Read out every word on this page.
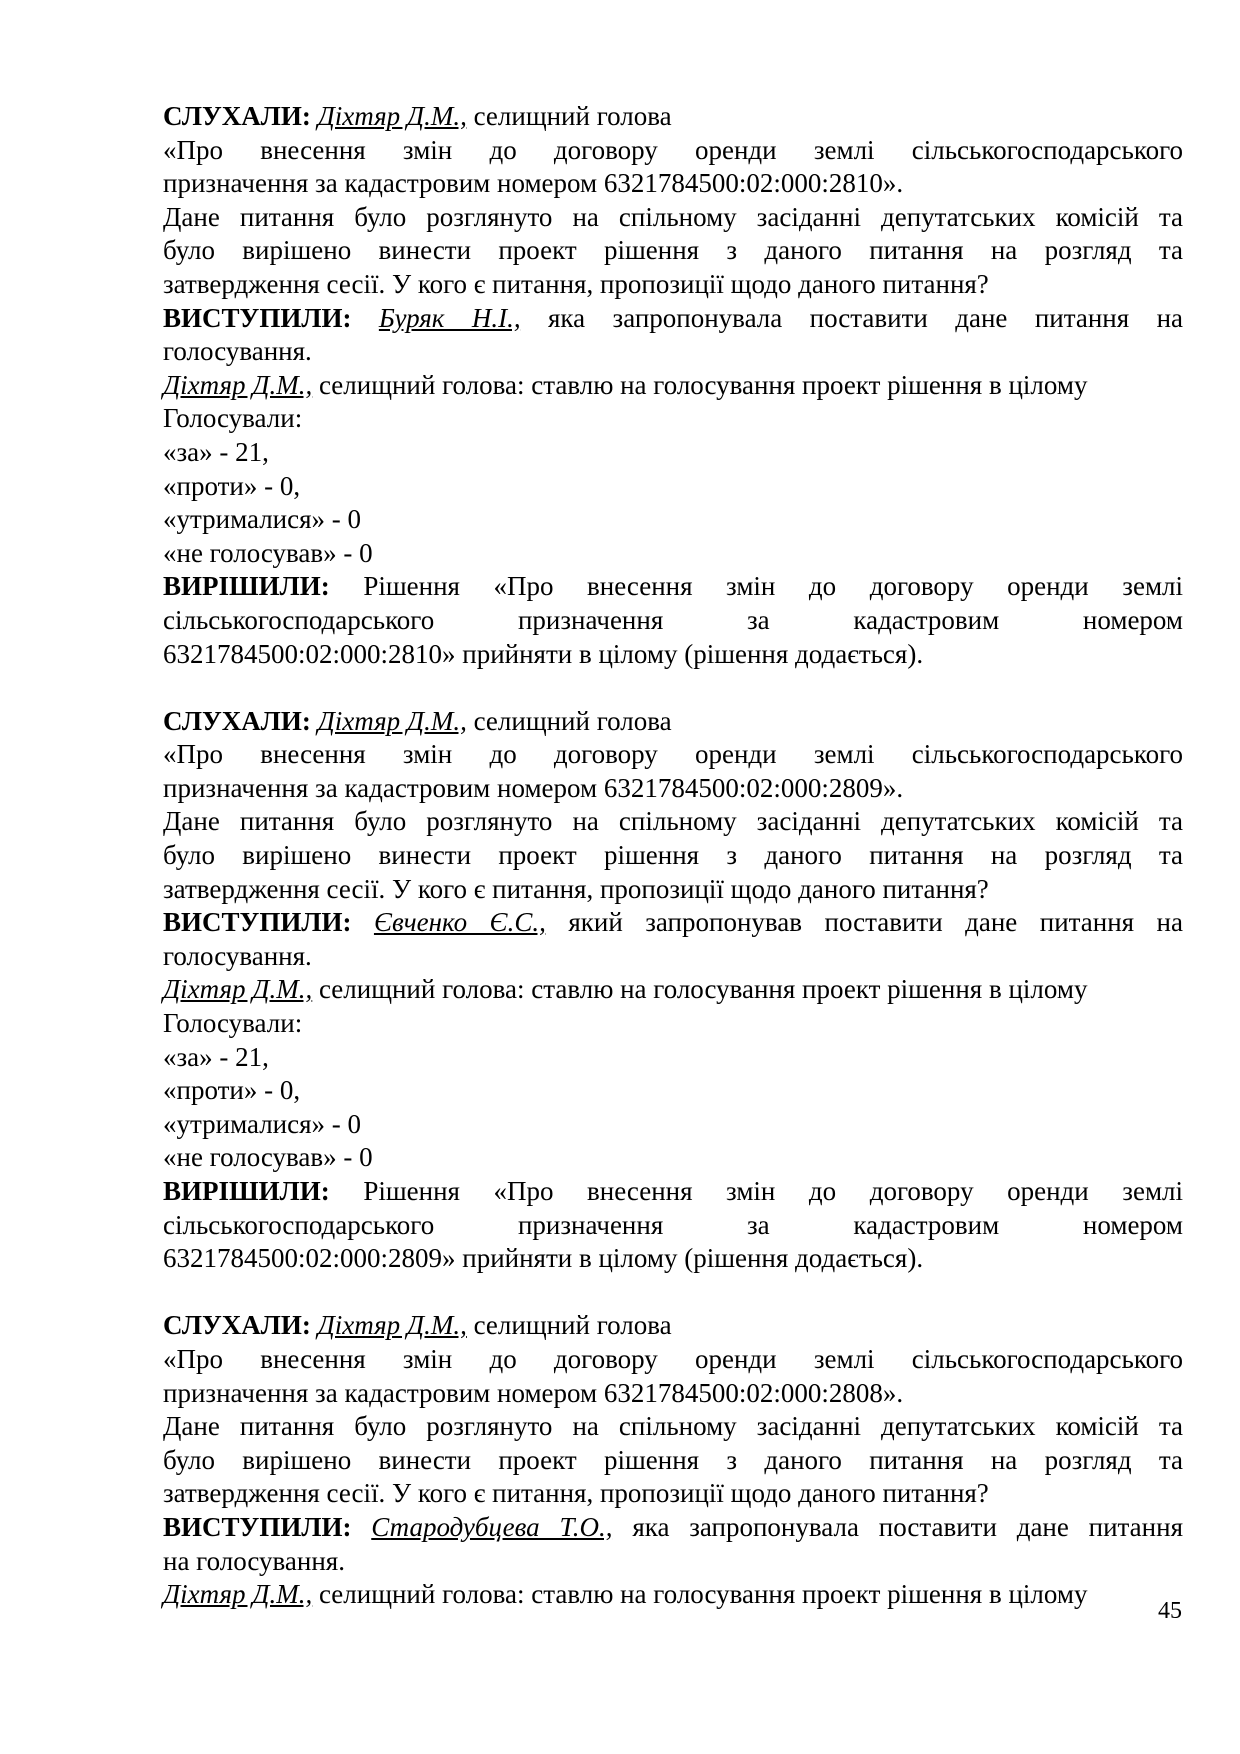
СЛУХАЛИ: Діхтяр Д.М., селищний голова

«Про внесення змін до договору оренди землі сільськогосподарського

призначення за кадастровим номером 6321784500:02:000:2810».

Дане питання було розглянуто на спільному засіданні депутатських комісій та

було вирішено винести проект рішення з даного питання на розгляд та

затвердження сесії. У кого є питання, пропозиції щодо даного питання?

ВИСТУПИЛИ: Буряк Н.І., яка запропонувала поставити дане питання на

голосування.

Діхтяр Д.М., селищний голова: ставлю на голосування проект рішення в цілому

Голосували:

«за» - 21,

«проти» - 0,

«утрималися» - 0

«не голосував» - 0

ВИРІШИЛИ: Рішення «Про внесення змін до договору оренди землі

сільськогосподарського призначення за кадастровим номером

6321784500:02:000:2810» прийняти в цілому (рішення додається).

СЛУХАЛИ: Діхтяр Д.М., селищний голова

«Про внесення змін до договору оренди землі сільськогосподарського

призначення за кадастровим номером 6321784500:02:000:2809».

Дане питання було розглянуто на спільному засіданні депутатських комісій та

було вирішено винести проект рішення з даного питання на розгляд та

затвердження сесії. У кого є питання, пропозиції щодо даного питання?

ВИСТУПИЛИ: Євченко Є.С., який запропонував поставити дане питання на

голосування.

Діхтяр Д.М., селищний голова: ставлю на голосування проект рішення в цілому

Голосували:

«за» - 21,

«проти» - 0,

«утрималися» - 0

«не голосував» - 0

ВИРІШИЛИ: Рішення «Про внесення змін до договору оренди землі

сільськогосподарського призначення за кадастровим номером

6321784500:02:000:2809» прийняти в цілому (рішення додається).

СЛУХАЛИ: Діхтяр Д.М., селищний голова

«Про внесення змін до договору оренди землі сільськогосподарського

призначення за кадастровим номером 6321784500:02:000:2808».

Дане питання було розглянуто на спільному засіданні депутатських комісій та

було вирішено винести проект рішення з даного питання на розгляд та

затвердження сесії. У кого є питання, пропозиції щодо даного питання?

ВИСТУПИЛИ: Стародубцева Т.О., яка запропонувала поставити дане питання

на голосування.

Діхтяр Д.М., селищний голова: ставлю на голосування проект рішення в цілому

45
